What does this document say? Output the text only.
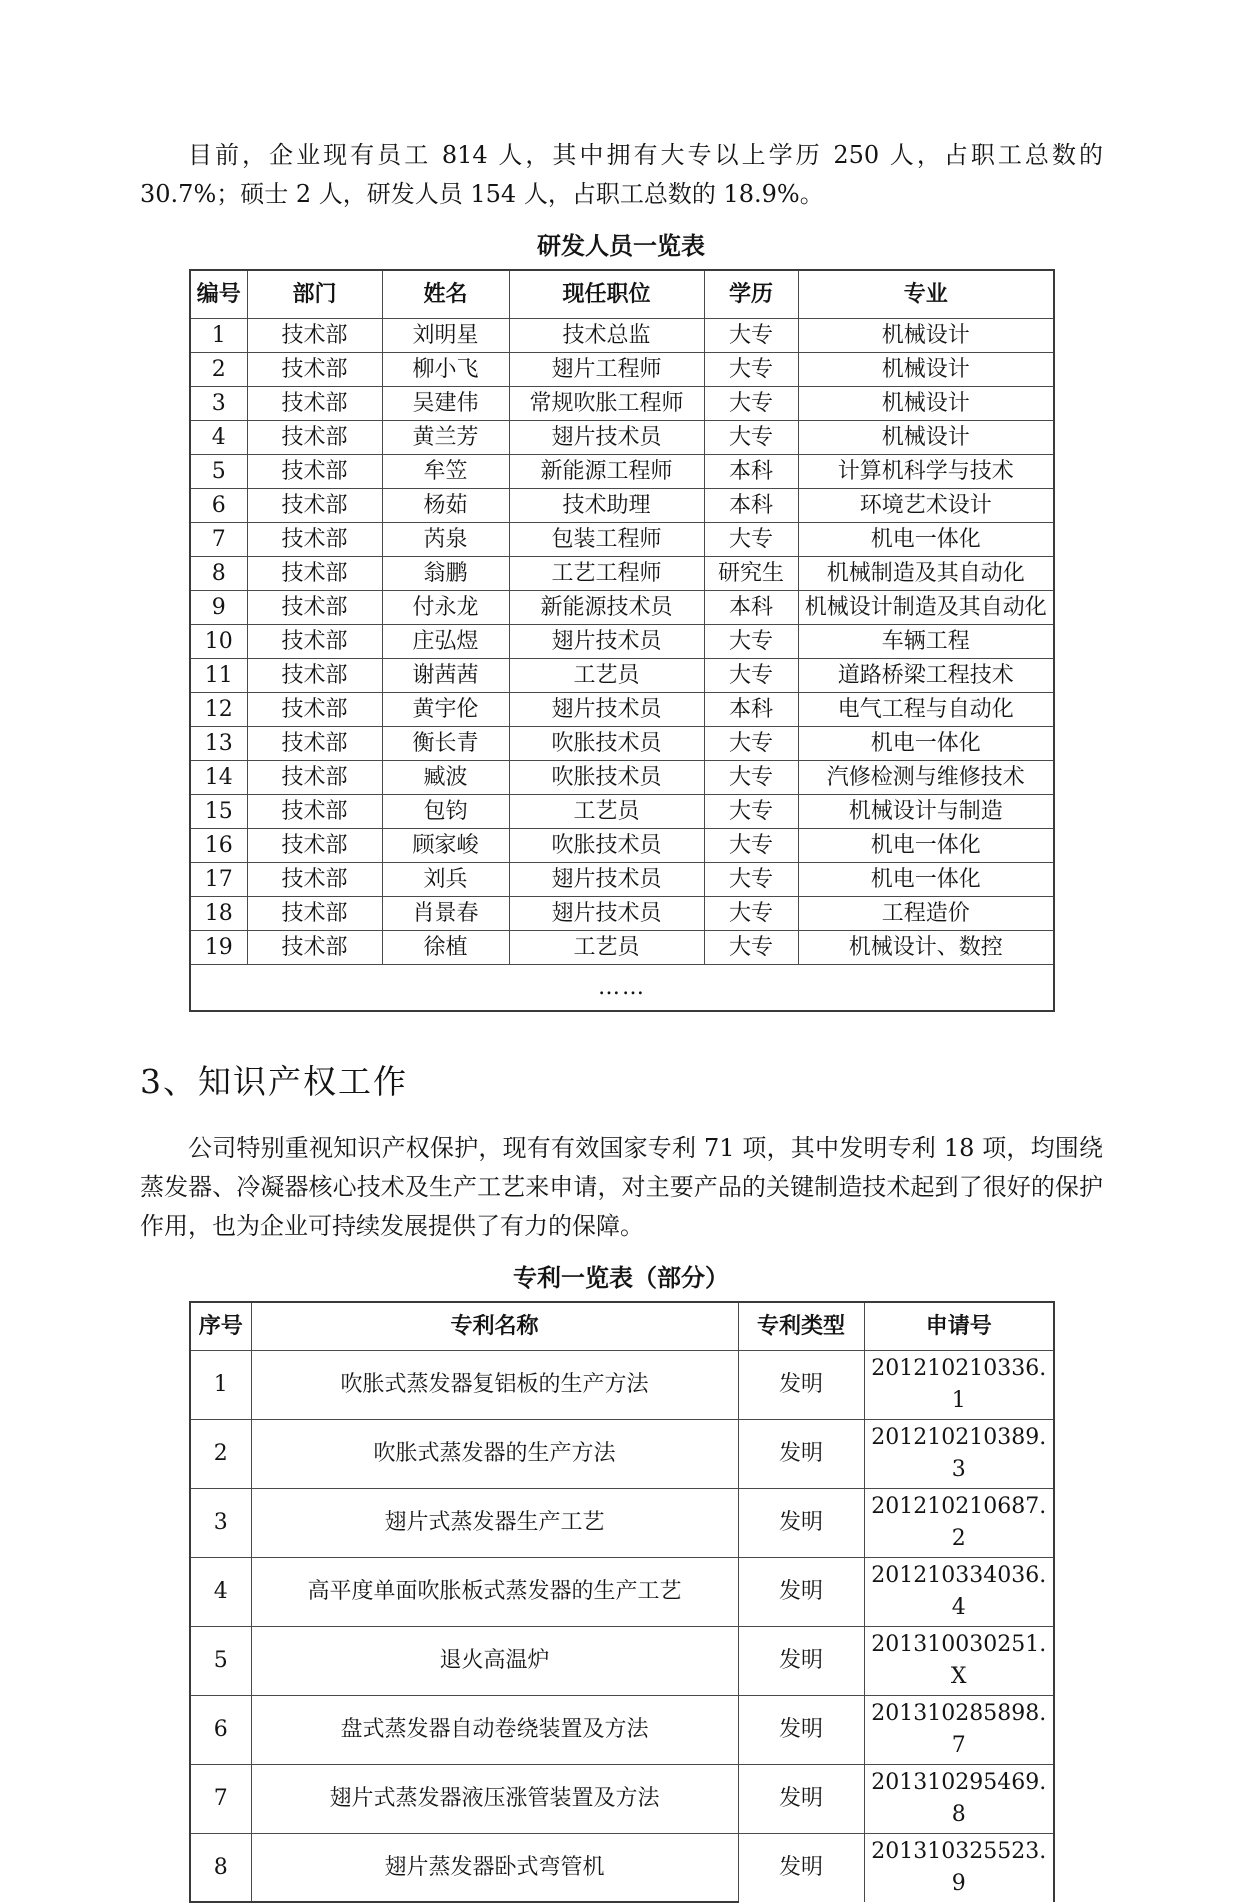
目前，企业现有员工 814 人，其中拥有大专以上学历 250 人，占职工总数的 30.7%；硕士 2 人，研发人员 154 人，占职工总数的 18.9%。

研发人员一览表
编号	部门	姓名	现任职位	学历	专业
1	技术部	刘明星	技术总监	大专	机械设计
2	技术部	柳小飞	翅片工程师	大专	机械设计
3	技术部	吴建伟	常规吹胀工程师	大专	机械设计
4	技术部	黄兰芳	翅片技术员	大专	机械设计
5	技术部	牟笠	新能源工程师	本科	计算机科学与技术
6	技术部	杨茹	技术助理	本科	环境艺术设计
7	技术部	芮泉	包装工程师	大专	机电一体化
8	技术部	翁鹏	工艺工程师	研究生	机械制造及其自动化
9	技术部	付永龙	新能源技术员	本科	机械设计制造及其自动化
10	技术部	庄弘煜	翅片技术员	大专	车辆工程
11	技术部	谢茜茜	工艺员	大专	道路桥梁工程技术
12	技术部	黄宇伦	翅片技术员	本科	电气工程与自动化
13	技术部	衡长青	吹胀技术员	大专	机电一体化
14	技术部	臧波	吹胀技术员	大专	汽修检测与维修技术
15	技术部	包钧	工艺员	大专	机械设计与制造
16	技术部	顾家峻	吹胀技术员	大专	机电一体化
17	技术部	刘兵	翅片技术员	大专	机电一体化
18	技术部	肖景春	翅片技术员	大专	工程造价
19	技术部	徐植	工艺员	大专	机械设计、数控
……					
3、知识产权工作

公司特别重视知识产权保护，现有有效国家专利 71 项，其中发明专利 18 项，均围绕蒸发器、冷凝器核心技术及生产工艺来申请，对主要产品的关键制造技术起到了很好的保护作用，也为企业可持续发展提供了有力的保障。

专利一览表（部分）
序号	专利名称	专利类型	申请号
1	吹胀式蒸发器复铝板的生产方法	发明	201210210336. 1
2	吹胀式蒸发器的生产方法	发明	201210210389. 3
3	翅片式蒸发器生产工艺	发明	201210210687. 2
4	高平度单面吹胀板式蒸发器的生产工艺	发明	201210334036. 4
5	退火高温炉	发明	201310030251. X
6	盘式蒸发器自动卷绕装置及方法	发明	201310285898. 7
7	翅片式蒸发器液压涨管装置及方法	发明	201310295469. 8
8	翅片蒸发器卧式弯管机	发明	201310325523. 9
